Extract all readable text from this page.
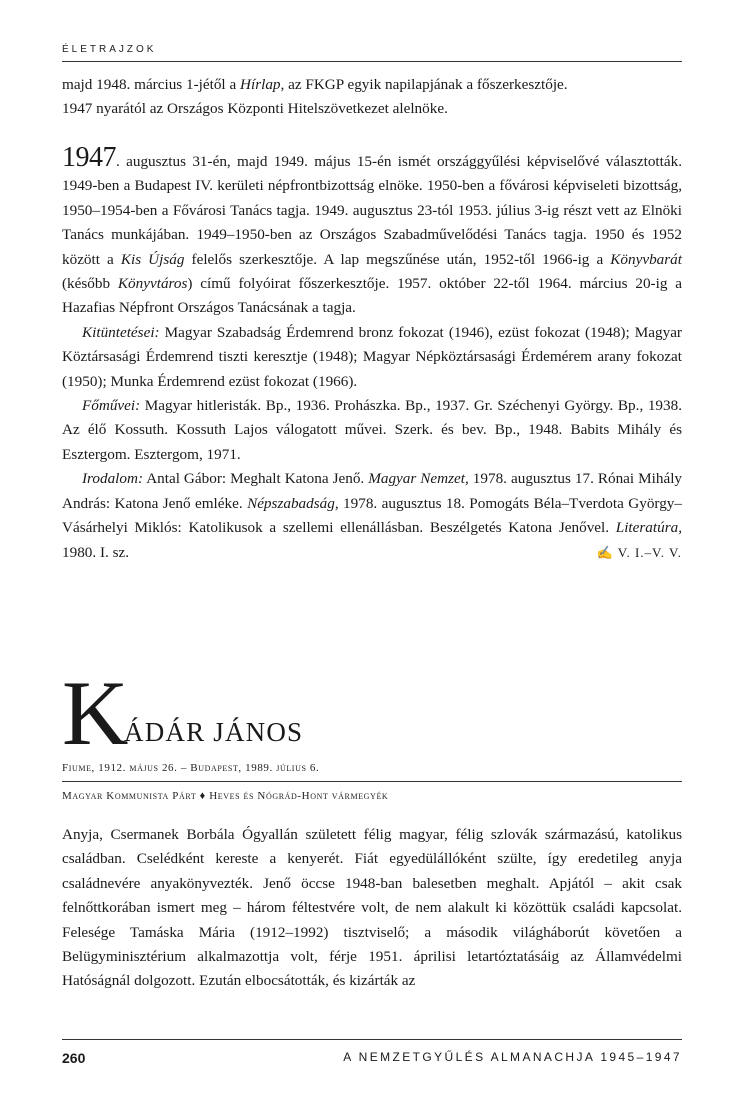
ÉLETRAJZOK

majd 1948. március 1-jétől a Hírlap, az FKGP egyik napilapjának a főszerkesztője.
1947 nyarától az Országos Központi Hitelszövetkezet alelnöke.

1947. augusztus 31-én, majd 1949. május 15-én ismét országgyűlési képviselővé választották. 1949-ben a Budapest IV. kerületi népfrontbizottság elnöke. 1950-ben a fővárosi képviseleti bizottság, 1950–1954-ben a Fővárosi Tanács tagja. 1949. augusztus 23-tól 1953. július 3-ig részt vett az Elnöki Tanács munkájában. 1949–1950-ben az Országos Szabadművelődési Tanács tagja. 1950 és 1952 között a Kis Újság felelős szerkesztője. A lap megszűnése után, 1952-től 1966-ig a Könyvbarát (később Könyvtáros) című folyóirat főszerkesztője. 1957. október 22-től 1964. március 20-ig a Hazafias Népfront Országos Tanácsának a tagja.

Kitüntetései: Magyar Szabadság Érdemrend bronz fokozat (1946), ezüst fokozat (1948); Magyar Köztársasági Érdemrend tiszti keresztje (1948); Magyar Népköztársasági Érdemérem arany fokozat (1950); Munka Érdemrend ezüst fokozat (1966).

Főművei: Magyar hitleristák. Bp., 1936. Prohászka. Bp., 1937. Gr. Széchenyi György. Bp., 1938. Az élő Kossuth. Kossuth Lajos válogatott művei. Szerk. és bev. Bp., 1948. Babits Mihály és Esztergom. Esztergom, 1971.

Irodalom: Antal Gábor: Meghalt Katona Jenő. Magyar Nemzet, 1978. augusztus 17. Rónai Mihály András: Katona Jenő emléke. Népszabadság, 1978. augusztus 18. Pomogáts Béla–Tverdota György–Vásárhelyi Miklós: Katolikusok a szellemi ellenállásban. Beszélgetés Katona Jenővel. Literatúra, 1980. I. sz.	✍ V. I.–V. V.

K
ÁDÁR JÁNOS
Fiume, 1912. május 26. – Budapest, 1989. július 6.
Magyar Kommunista Párt ♦ Heves és Nógrád-Hont vármegyék

Anyja, Csermanek Borbála Ógyallán született félig magyar, félig szlovák származású, katolikus családban. Cselédként kereste a kenyerét. Fiát egyedülállóként szülte, így eredetileg anyja családnevére anyakönyvezték. Jenő öccse 1948-ban balesetben meghalt. Apjától – akit csak felnőttkorában ismert meg – három féltestvére volt, de nem alakult ki közöttük családi kapcsolat. Felesége Tamáska Mária (1912–1992) tisztviselő; a második világháborút követően a Belügyminisztérium alkalmazottja volt, férje 1951. áprilisi letartóztatásáig az Államvédelmi Hatóságnál dolgozott. Ezután elbocsátották, és kizárták az

260	A NEMZETGYŰLÉS ALMANACHJA 1945–1947
